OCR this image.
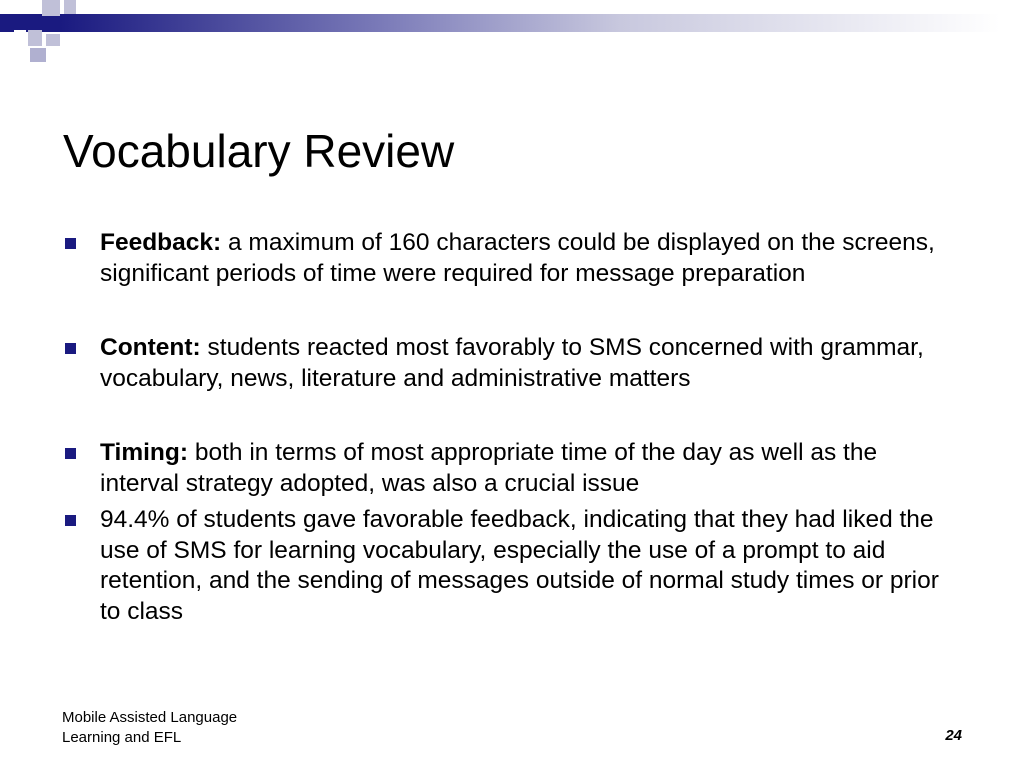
Vocabulary Review
Feedback: a maximum of 160 characters could be displayed on the screens, significant periods of time were required for message preparation
Content: students reacted most favorably to SMS concerned with grammar, vocabulary, news, literature and administrative matters
Timing: both in terms of most appropriate time of the day as well as the interval strategy adopted, was also a crucial issue
94.4% of students gave favorable feedback, indicating that they had liked the use of SMS for learning vocabulary, especially the use of a prompt to aid retention, and the sending of messages outside of normal study times or prior to class
Mobile Assisted Language
Learning and EFL	24
